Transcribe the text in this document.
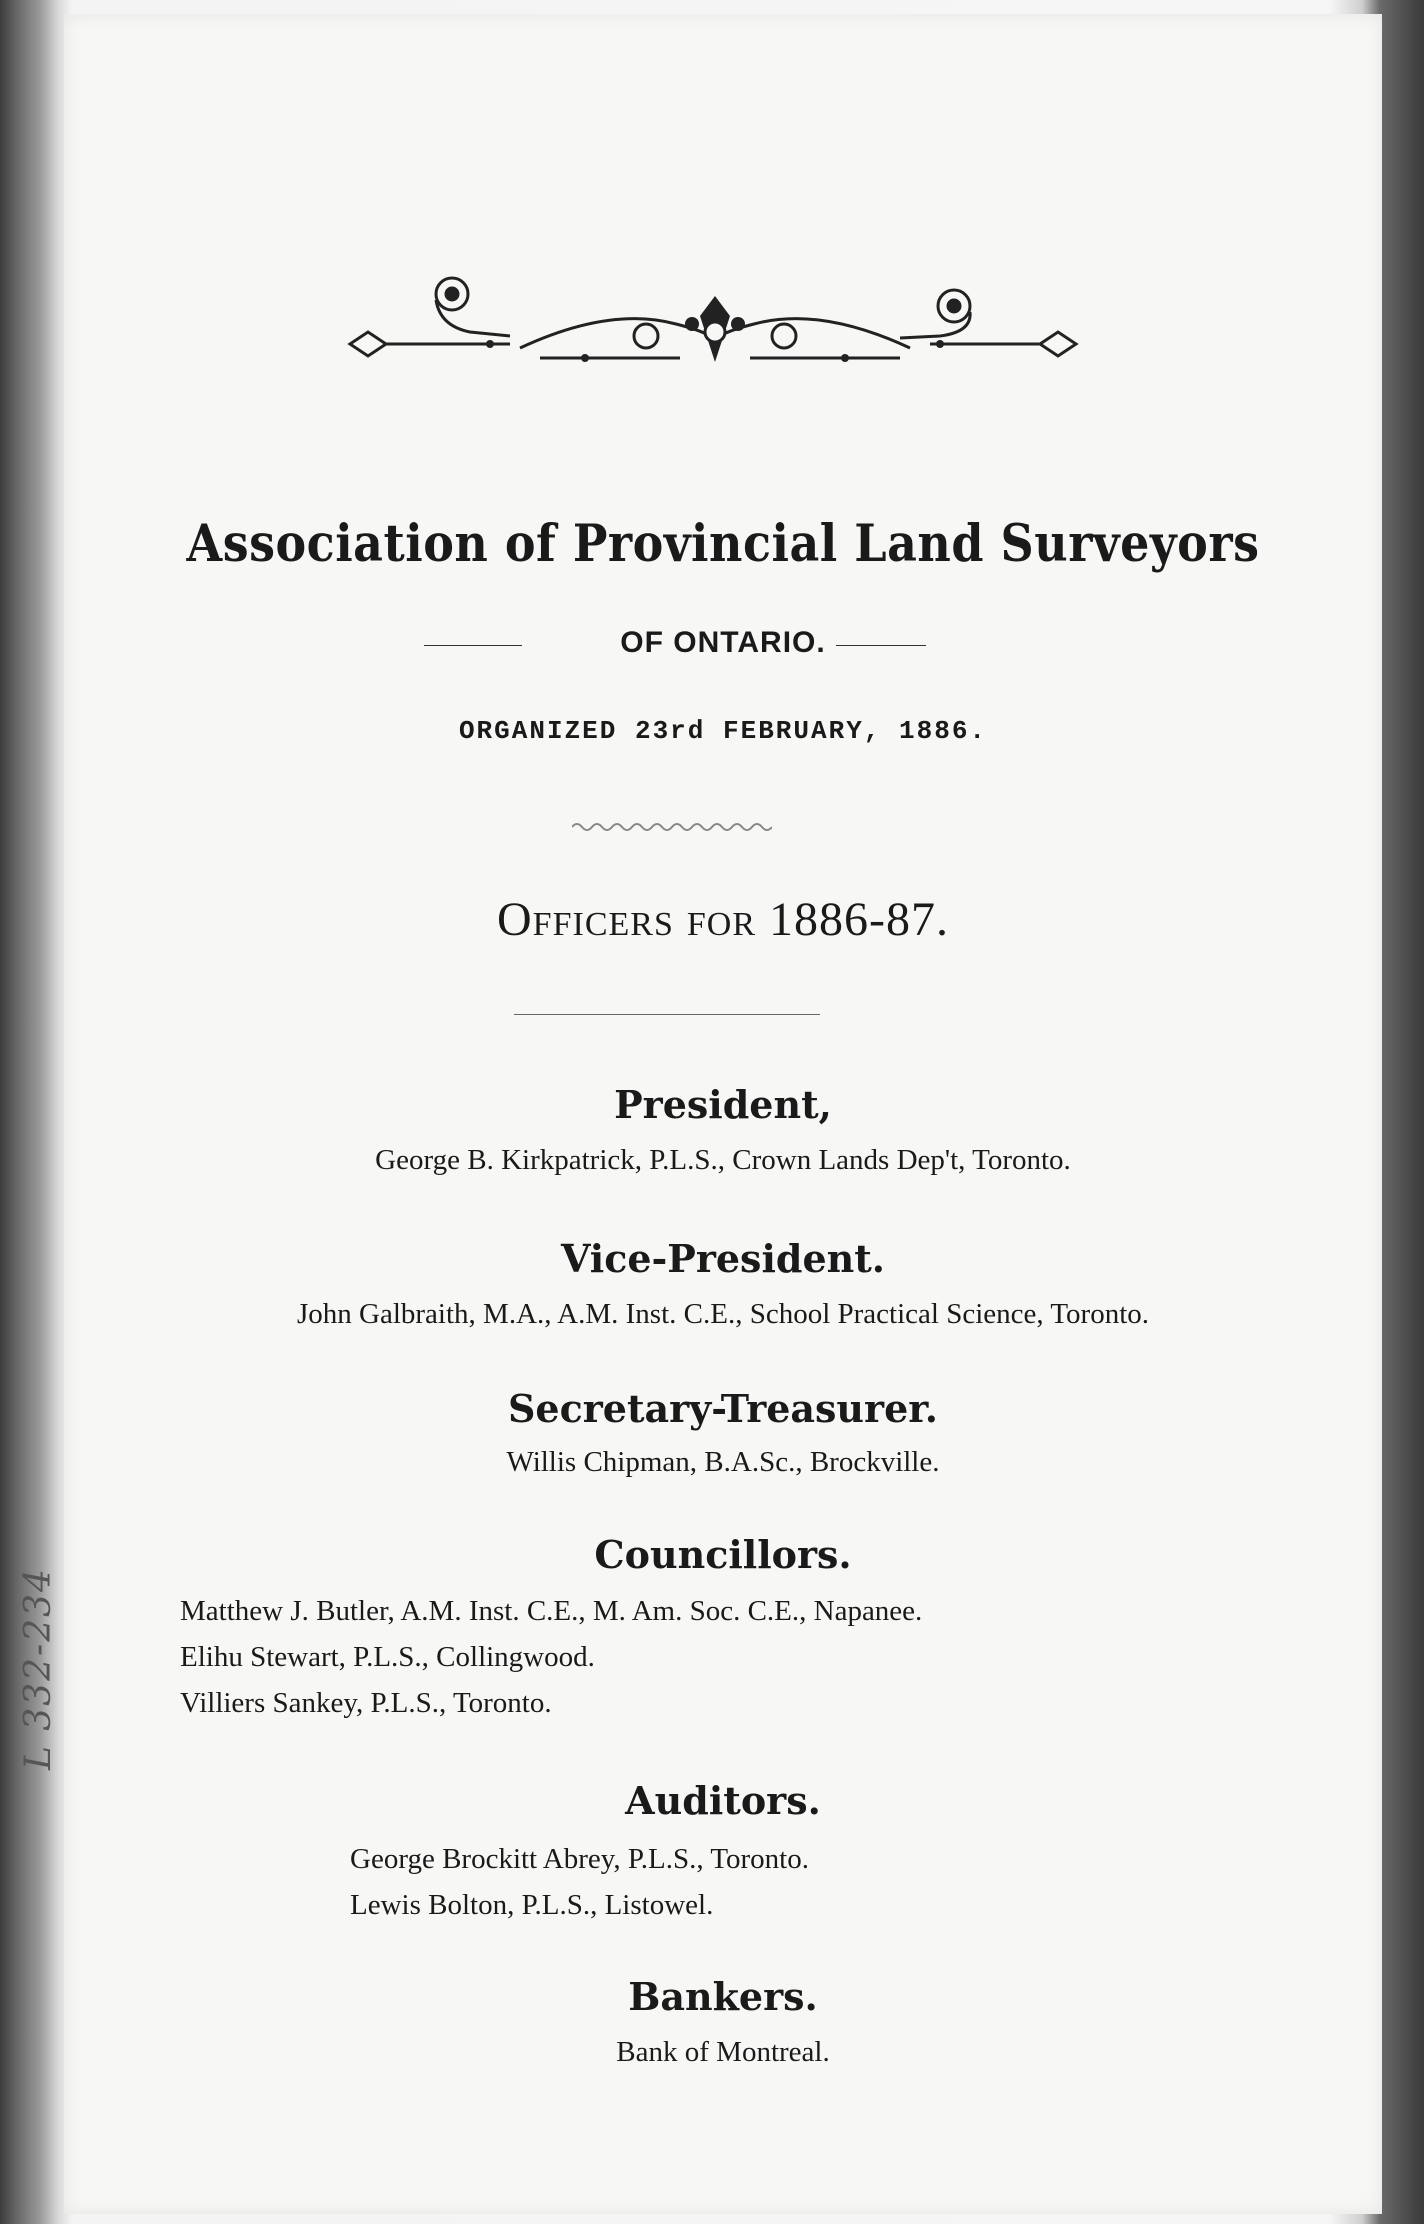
Association of Provincial Land Surveyors
OF ONTARIO.
ORGANIZED 23rd FEBRUARY, 1886.
Officers for 1886-87.
President,
George B. Kirkpatrick, P.L.S., Crown Lands Dep't, Toronto.
Vice-President.
John Galbraith, M.A., A.M. Inst. C.E., School Practical Science, Toronto.
Secretary-Treasurer.
Willis Chipman, B.A.Sc., Brockville.
Councillors.
Matthew J. Butler, A.M. Inst. C.E., M. Am. Soc. C.E., Napanee.
Elihu Stewart, P.L.S., Collingwood.
Villiers Sankey, P.L.S., Toronto.
Auditors.
George Brockitt Abrey, P.L.S., Toronto.
Lewis Bolton, P.L.S., Listowel.
Bankers.
Bank of Montreal.
L 332-234
